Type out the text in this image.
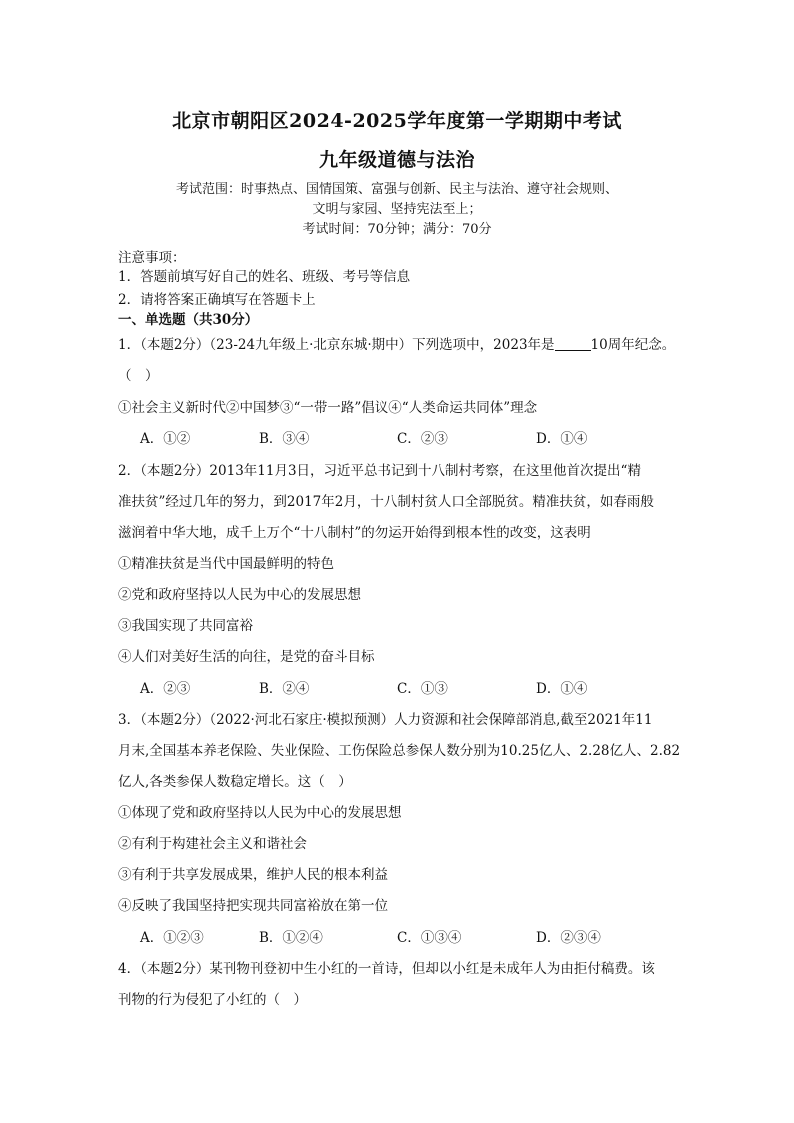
北京市朝阳区2024-2025学年度第一学期期中考试
九年级道德与法治
考试范围：时事热点、国情国策、富强与创新、民主与法治、遵守社会规则、
文明与家园、坚持宪法至上；
考试时间：70分钟；满分：70分
注意事项：
1．答题前填写好自己的姓名、班级、考号等信息
2．请将答案正确填写在答题卡上
一、单选题（共30分）
1．（本题2分）（23-24九年级上·北京东城·期中）下列选项中，2023年是	10周年纪念。
（　）
①社会主义新时代②中国梦③“一带一路”倡议④“人类命运共同体”理念
A．①②	B．③④	C．②③	D．①④
2．（本题2分）2013年11月3日，习近平总书记到十八制村考察，在这里他首次提出“精
准扶贫”经过几年的努力，到2017年2月，十八制村贫人口全部脱贫。精准扶贫，如春雨般
滋润着中华大地，成千上万个“十八制村”的勿运开始得到根本性的改变，这表明
①精准扶贫是当代中国最鲜明的特色
②党和政府坚持以人民为中心的发展思想
③我国实现了共同富裕
④人们对美好生活的向往，是党的奋斗目标
A．②③	B．②④	C．①③	D．①④
3．（本题2分）（2022·河北石家庄·模拟预测）人力资源和社会保障部消息,截至2021年11
月末,全国基本养老保险、失业保险、工伤保险总参保人数分别为10.25亿人、2.28亿人、2.82
亿人,各类参保人数稳定增长。这（　）
①体现了党和政府坚持以人民为中心的发展思想
②有利于构建社会主义和谐社会
③有利于共享发展成果，维护人民的根本利益
④反映了我国坚持把实现共同富裕放在第一位
A．①②③	B．①②④	C．①③④	D．②③④
4．（本题2分）某刊物刊登初中生小红的一首诗，但却以小红是未成年人为由拒付稿费。该
刊物的行为侵犯了小红的（　）
